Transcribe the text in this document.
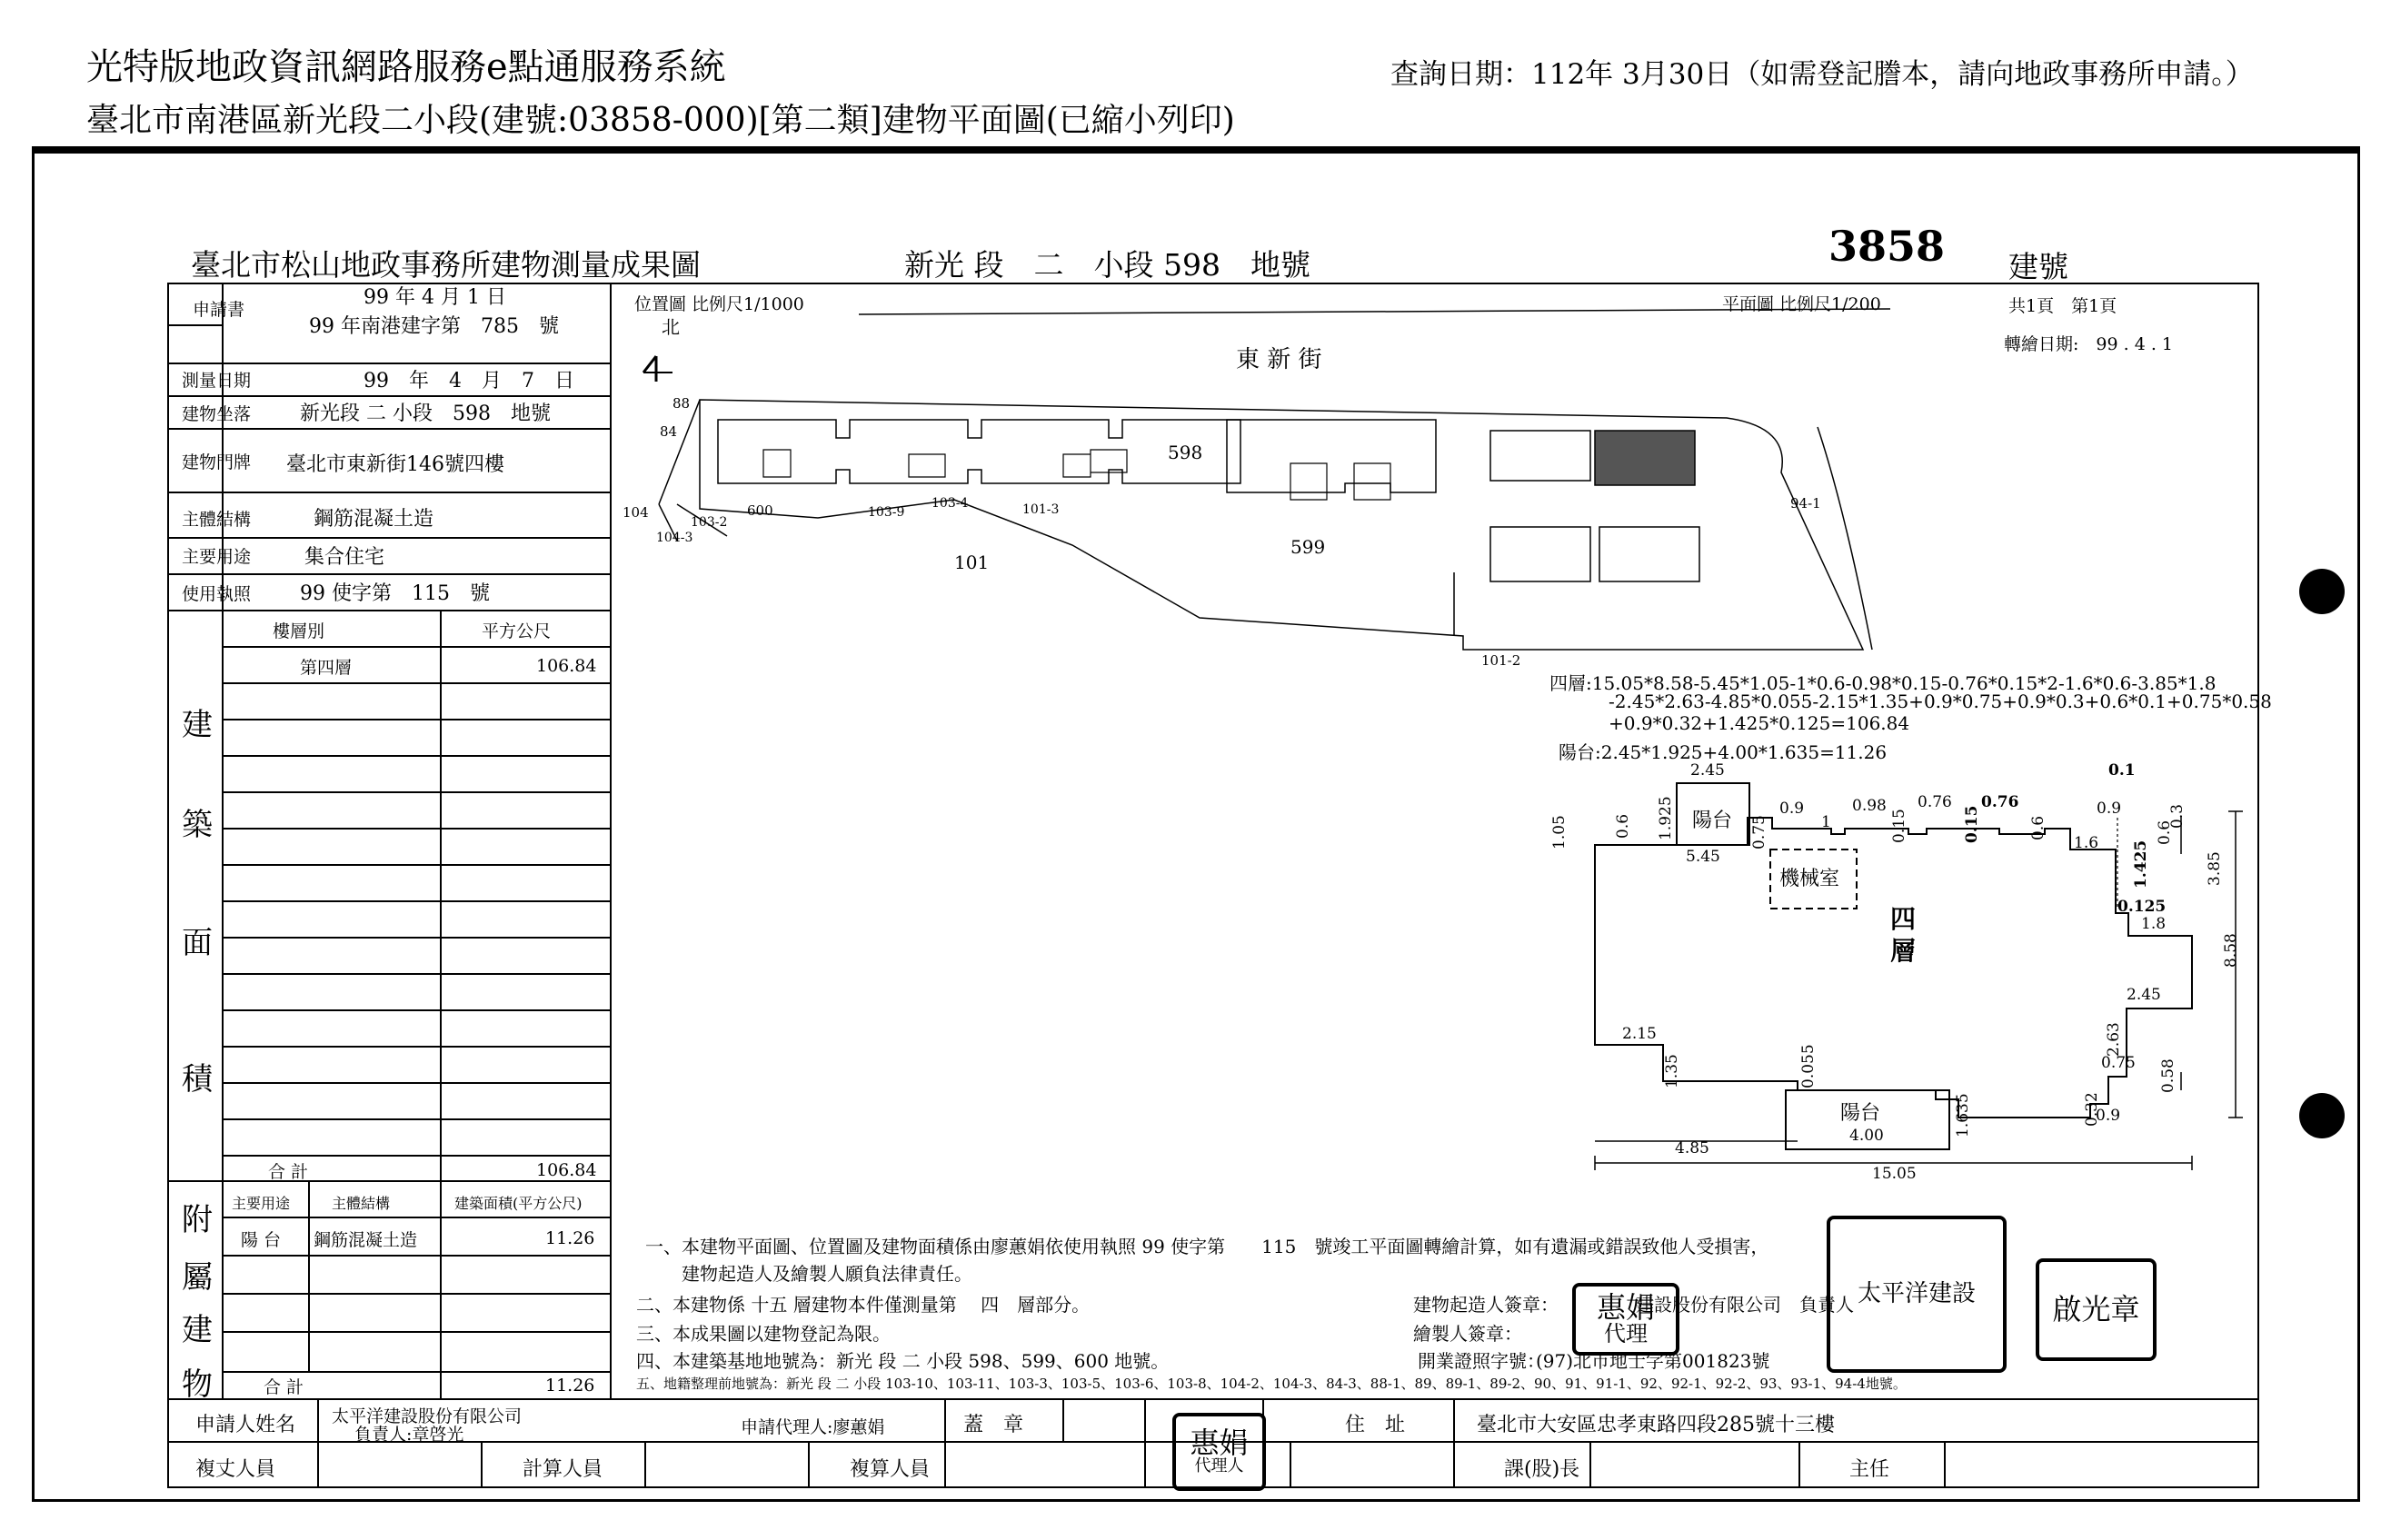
光特版地政資訊網路服務e點通服務系統
臺北市南港區新光段二小段(建號:03858-000)[第二類]建物平面圖(已縮小列印)
查詢日期：112年 3月30日（如需登記謄本，請向地政事務所申請。）
臺北市松山地政事務所建物測量成果圖	新光 段　二　小段 598　地號	3858 建號
位置圖 比例尺1/1000	平面圖 比例尺1/200	共1頁　第1頁
轉繪日期:　99 . 4 . 1
申請書
99 年 4 月 1 日
99 年南港建字第　785　號
測量日期	99　年　4　月　7　日
建物坐落 新光段 二 小段　598　地號
建物門牌 臺北市東新街146號四樓
主體結構	鋼筋混凝土造
主要用途	集合住宅
使用執照 99 使字第　115　號
建
築
面
積
樓層別	平方公尺
第四層	106.84
合 計	106.84
附
屬
建
物
主要用途	主體結構	建築面積(平方公尺)
陽 台 鋼筋混凝土造	11.26
合 計	11.26
北
東 新 街
598
599
101
88
84
104
103-2
600	103-9
103-4	101-3
104-3
94-1
101-2
四層:15.05*8.58-5.45*1.05-1*0.6-0.98*0.15-0.76*0.15*2-1.6*0.6-3.85*1.8
-2.45*2.63-4.85*0.055-2.15*1.35+0.9*0.75+0.9*0.3+0.6*0.1+0.75*0.58
+0.9*0.32+1.425*0.125=106.84
陽台:2.45*1.925+4.00*1.635=11.26
四
層
陽台
陽台
機械室
2.45	0.1
0.9	0.98 0.76 0.76	0.9
1.05	0.6 1.925	0.75	1	0.15	0.15	0.6
1.6	0.6
0.3
3.85
5.45	1.425
0.125
1.8
8.58
2.45
2.15	2.63
0.75
1.35	0.055	0.58
1.635	0.32
0.9
4.00
4.85
15.05
一、本建物平面圖、位置圖及建物面積係由廖蕙娟依使用執照 99 使字第　　115　號竣工平面圖轉繪計算，如有遺漏或錯誤致他人受損害，
建物起造人及繪製人願負法律責任。
二、本建物係 十五 層建物本件僅測量第　 四　層部分。
三、本成果圖以建物登記為限。
四、本建築基地地號為：新光 段 二 小段 598、599、600 地號。
五、地籍整理前地號為：新光 段 二 小段 103-10、103-11、103-3、103-5、103-6、103-8、104-2、104-3、84-3、88-1、89、89-1、89-2、90、91、91-1、92、92-1、92-2、93、93-1、94-4地號。
建物起造人簽章：	建設股份有限公司　負責人
繪製人簽章：
開業證照字號：
(97)北市地士字第001823號
惠娟
代理
太平洋建設	啟光 章
惠娟
代理人
申請人姓名 太平洋建設股份有限公司
負責人:章啓光	申請代理人:廖蕙娟	蓋　章	住　址	臺北市大安區忠孝東路四段285號十三樓
複丈人員	計算人員	複算人員	課(股)長	主任
